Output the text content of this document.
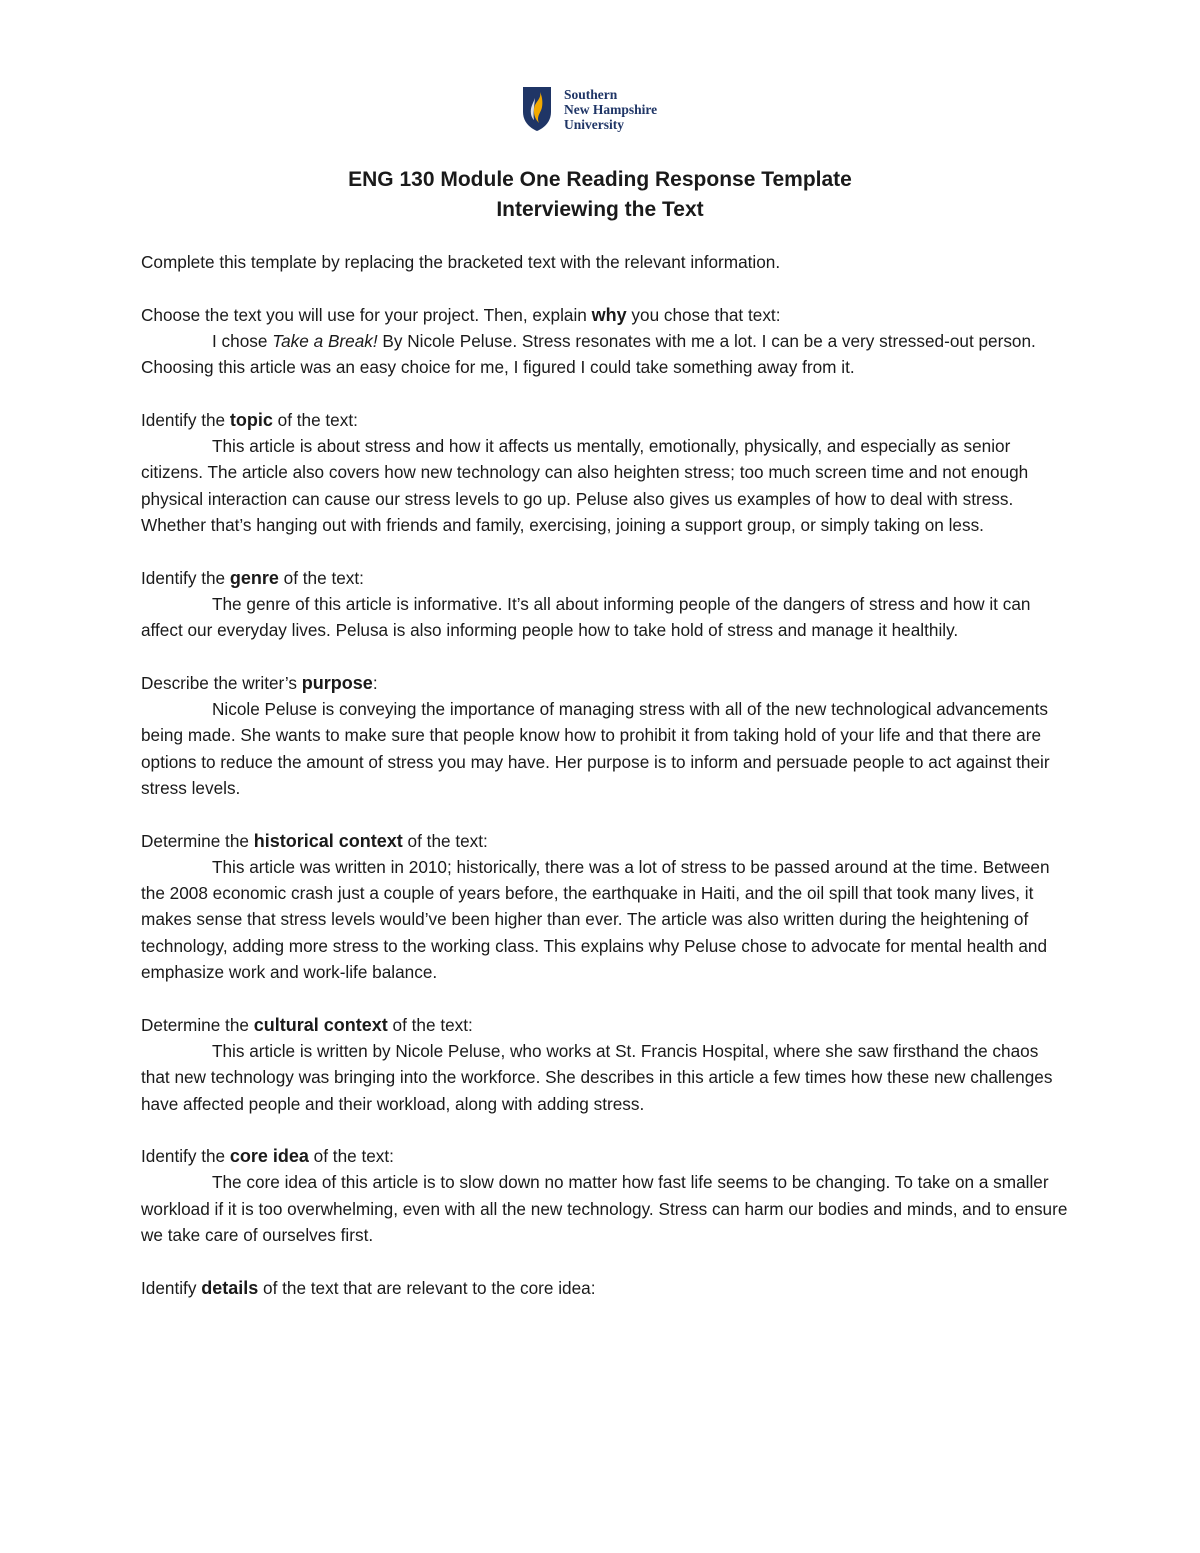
Southern
New Hampshire
University
ENG 130 Module One Reading Response Template
Interviewing the Text

Complete this template by replacing the bracketed text with the relevant information.

Choose the text you will use for your project. Then, explain why you chose that text:

I chose Take a Break! By Nicole Peluse. Stress resonates with me a lot. I can be a very stressed-out person. Choosing this article was an easy choice for me, I figured I could take something away from it.

Identify the topic of the text:

This article is about stress and how it affects us mentally, emotionally, physically, and especially as senior citizens. The article also covers how new technology can also heighten stress; too much screen time and not enough physical interaction can cause our stress levels to go up. Peluse also gives us examples of how to deal with stress. Whether that’s hanging out with friends and family, exercising, joining a support group, or simply taking on less.

Identify the genre of the text:

The genre of this article is informative. It’s all about informing people of the dangers of stress and how it can affect our everyday lives. Pelusa is also informing people how to take hold of stress and manage it healthily.

Describe the writer’s purpose:

Nicole Peluse is conveying the importance of managing stress with all of the new technological advancements being made. She wants to make sure that people know how to prohibit it from taking hold of your life and that there are options to reduce the amount of stress you may have. Her purpose is to inform and persuade people to act against their stress levels.

Determine the historical context of the text:

This article was written in 2010; historically, there was a lot of stress to be passed around at the time. Between the 2008 economic crash just a couple of years before, the earthquake in Haiti, and the oil spill that took many lives, it makes sense that stress levels would’ve been higher than ever. The article was also written during the heightening of technology, adding more stress to the working class. This explains why Peluse chose to advocate for mental health and emphasize work and work-life balance.

Determine the cultural context of the text:

This article is written by Nicole Peluse, who works at St. Francis Hospital, where she saw firsthand the chaos that new technology was bringing into the workforce. She describes in this article a few times how these new challenges have affected people and their workload, along with adding stress.

Identify the core idea of the text:

The core idea of this article is to slow down no matter how fast life seems to be changing. To take on a smaller workload if it is too overwhelming, even with all the new technology. Stress can harm our bodies and minds, and to ensure we take care of ourselves first.

Identify details of the text that are relevant to the core idea:
